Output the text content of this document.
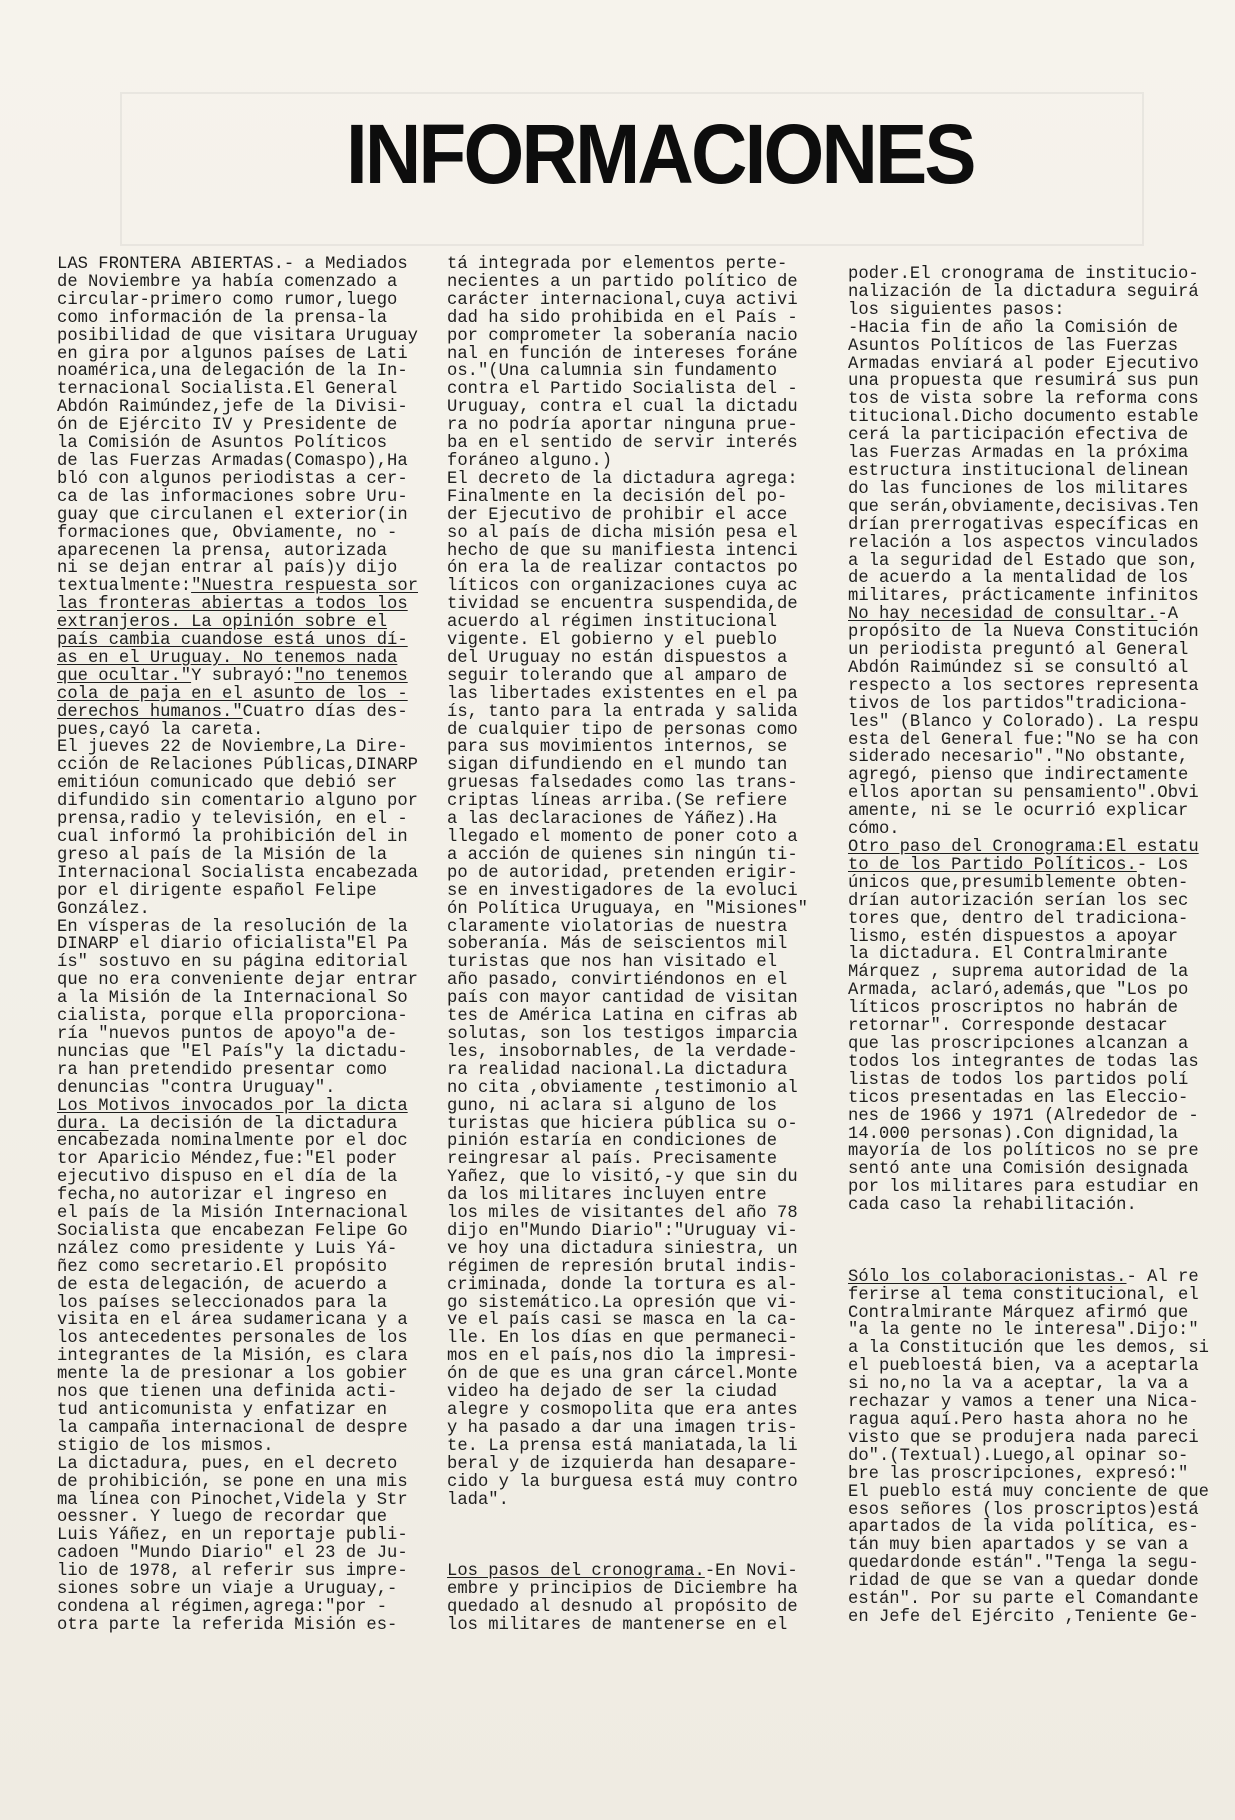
INFORMACIONES
LAS FRONTERA ABIERTAS.- a Mediados
de Noviembre ya había comenzado a
circular-primero como rumor,luego
como información de la prensa-la
posibilidad de que visitara Uruguay
en gira por algunos países de Lati
noamérica,una delegación de la In-
ternacional Socialista.El General
Abdón Raimúndez,jefe de la Divisi-
ón de Ejército IV y Presidente de
la Comisión de Asuntos Políticos
de las Fuerzas Armadas(Comaspo),Ha
bló con algunos periodistas a cer-
ca de las informaciones sobre Uru-
guay que circulanen el exterior(in
formaciones que, Obviamente, no -
aparecenen la prensa, autorizada
ni se dejan entrar al país)y dijo
textualmente:"Nuestra respuesta sor
las fronteras abiertas a todos los
extranjeros. La opinión sobre el
país cambia cuandose está unos dí-
as en el Uruguay. No tenemos nada
que ocultar."Y subrayó:"no tenemos
cola de paja en el asunto de los -
derechos humanos."Cuatro días des-
pues,cayó la careta.
El jueves 22 de Noviembre,La Dire-
cción de Relaciones Públicas,DINARP
emitióun comunicado que debió ser
difundido sin comentario alguno por
prensa,radio y televisión, en el -
cual informó la prohibición del in
greso al país de la Misión de la
Internacional Socialista encabezada
por el dirigente español Felipe
González.
En vísperas de la resolución de la
DINARP el diario oficialista"El Pa
ís" sostuvo en su página editorial
que no era conveniente dejar entrar
a la Misión de la Internacional So
cialista, porque ella proporciona-
ría "nuevos puntos de apoyo"a de-
nuncias que "El País"y la dictadu-
ra han pretendido presentar como
denuncias "contra Uruguay".
Los Motivos invocados por la dicta
dura. La decisión de la dictadura
encabezada nominalmente por el doc
tor Aparicio Méndez,fue:"El poder
ejecutivo dispuso en el día de la
fecha,no autorizar el ingreso en
el país de la Misión Internacional
Socialista que encabezan Felipe Go
nzález como presidente y Luis Yá-
ñez como secretario.El propósito
de esta delegación, de acuerdo a
los países seleccionados para la
visita en el área sudamericana y a
los antecedentes personales de los
integrantes de la Misión, es clara
mente la de presionar a los gobier
nos que tienen una definida acti-
tud anticomunista y enfatizar en
la campaña internacional de despre
stigio de los mismos.
La dictadura, pues, en el decreto
de prohibición, se pone en una mis
ma línea con Pinochet,Videla y Str
oessner. Y luego de recordar que
Luis Yáñez, en un reportaje publi-
cadoen "Mundo Diario" el 23 de Ju-
lio de 1978, al referir sus impre-
siones sobre un viaje a Uruguay,-
condena al régimen,agrega:"por -
otra parte la referida Misión es-
tá integrada por elementos perte-
necientes a un partido político de
carácter internacional,cuya activi
dad ha sido prohibida en el País -
por comprometer la soberanía nacio
nal en función de intereses foráne
os."(Una calumnia sin fundamento
contra el Partido Socialista del -
Uruguay, contra el cual la dictadu
ra no podría aportar ninguna prue-
ba en el sentido de servir interés
foráneo alguno.)
El decreto de la dictadura agrega:
Finalmente en la decisión del po-
der Ejecutivo de prohibir el acce
so al país de dicha misión pesa el
hecho de que su manifiesta intenci
ón era la de realizar contactos po
líticos con organizaciones cuya ac
tividad se encuentra suspendida,de
acuerdo al régimen institucional
vigente. El gobierno y el pueblo
del Uruguay no están dispuestos a
seguir tolerando que al amparo de
las libertades existentes en el pa
ís, tanto para la entrada y salida
de cualquier tipo de personas como
para sus movimientos internos, se
sigan difundiendo en el mundo tan
gruesas falsedades como las trans-
criptas líneas arriba.(Se refiere
a las declaraciones de Yáñez).Ha
llegado el momento de poner coto a
a acción de quienes sin ningún ti-
po de autoridad, pretenden erigir-
se en investigadores de la evoluci
ón Política Uruguaya, en "Misiones"
claramente violatorias de nuestra
soberanía. Más de seiscientos mil
turistas que nos han visitado el
año pasado, convirtiéndonos en el
país con mayor cantidad de visitan
tes de América Latina en cifras ab
solutas, son los testigos imparcia
les, insobornables, de la verdade-
ra realidad nacional.La dictadura
no cita ,obviamente ,testimonio al
guno, ni aclara si alguno de los
turistas que hiciera pública su o-
pinión estaría en condiciones de
reingresar al país. Precisamente
Yañez, que lo visitó,-y que sin du
da los militares incluyen entre
los miles de visitantes del año 78
dijo en"Mundo Diario":"Uruguay vi-
ve hoy una dictadura siniestra, un
régimen de represión brutal indis-
criminada, donde la tortura es al-
go sistemático.La opresión que vi-
ve el país casi se masca en la ca-
lle. En los días en que permaneci-
mos en el país,nos dio la impresi-
ón de que es una gran cárcel.Monte
video ha dejado de ser la ciudad
alegre y cosmopolita que era antes
y ha pasado a dar una imagen tris-
te. La prensa está maniatada,la li
beral y de izquierda han desapare-
cido y la burguesa está muy contro
lada".

Los pasos del cronograma.-En Novi-
embre y principios de Diciembre ha
quedado al desnudo al propósito de
los militares de mantenerse en el
poder.El cronograma de institucio-
nalización de la dictadura seguirá
los siguientes pasos:
-Hacia fin de año la Comisión de
Asuntos Políticos de las Fuerzas
Armadas enviará al poder Ejecutivo
una propuesta que resumirá sus pun
tos de vista sobre la reforma cons
titucional.Dicho documento estable
cerá la participación efectiva de
las Fuerzas Armadas en la próxima
estructura institucional delinean
do las funciones de los militares
que serán,obviamente,decisivas.Ten
drían prerrogativas específicas en
relación a los aspectos vinculados
a la seguridad del Estado que son,
de acuerdo a la mentalidad de los
militares, prácticamente infinitos
No hay necesidad de consultar.-A
propósito de la Nueva Constitución
un periodista preguntó al General
Abdón Raimúndez si se consultó al
respecto a los sectores representa
tivos de los partidos"tradiciona-
les" (Blanco y Colorado). La respu
esta del General fue:"No se ha con
siderado necesario"."No obstante,
agregó, pienso que indirectamente
ellos aportan su pensamiento".Obvi
amente, ni se le ocurrió explicar
cómo.
Otro paso del Cronograma:El estatu
to de los Partido Políticos.- Los
únicos que,presumiblemente obten-
drían autorización serían los sec
tores que, dentro del tradiciona-
lismo, estén dispuestos a apoyar
la dictadura. El Contralmirante
Márquez , suprema autoridad de la
Armada, aclaró,además,que "Los po
líticos proscriptos no habrán de
retornar". Corresponde destacar
que las proscripciones alcanzan a
todos los integrantes de todas las
listas de todos los partidos polí
ticos presentadas en las Eleccio-
nes de 1966 y 1971 (Alrededor de -
14.000 personas).Con dignidad,la
mayoría de los políticos no se pre
sentó ante una Comisión designada
por los militares para estudiar en
cada caso la rehabilitación.

Sólo los colaboracionistas.- Al re
ferirse al tema constitucional, el
Contralmirante Márquez afirmó que
"a la gente no le interesa".Dijo:"
a la Constitución que les demos, si
el puebloestá bien, va a aceptarla
si no,no la va a aceptar, la va a
rechazar y vamos a tener una Nica-
ragua aquí.Pero hasta ahora no he
visto que se produjera nada pareci
do".(Textual).Luego,al opinar so-
bre las proscripciones, expresó:"
El pueblo está muy conciente de que
esos señores (los proscriptos)está
apartados de la vida política, es-
tán muy bien apartados y se van a
quedardonde están"."Tenga la segu-
ridad de que se van a quedar donde
están". Por su parte el Comandante
en Jefe del Ejército ,Teniente Ge-
